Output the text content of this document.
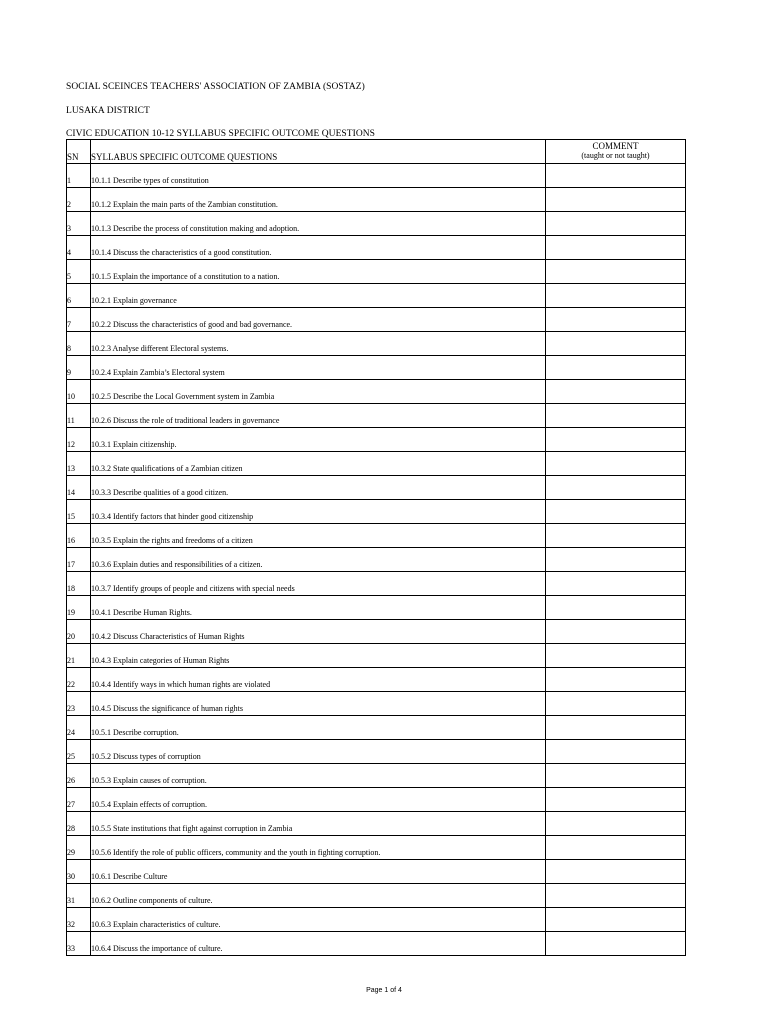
SOCIAL SCEINCES TEACHERS' ASSOCIATION OF ZAMBIA (SOSTAZ)
LUSAKA DISTRICT
CIVIC EDUCATION 10-12 SYLLABUS SPECIFIC OUTCOME QUESTIONS
SN	SYLLABUS SPECIFIC OUTCOME QUESTIONS	COMMENT
(taught or not taught)

1	10.1.1 Describe types of constitution	
2	10.1.2 Explain the main parts of the Zambian constitution.	
3	10.1.3 Describe the process of constitution making and adoption.	
4	10.1.4 Discuss the characteristics of a good constitution.	
5	10.1.5 Explain the importance of a constitution to a nation.	
6	10.2.1 Explain governance	
7	10.2.2 Discuss the characteristics of good and bad governance.	
8	10.2.3 Analyse different Electoral systems.	
9	10.2.4 Explain Zambia’s Electoral system	
10	10.2.5 Describe the Local Government system in Zambia	
11	10.2.6 Discuss the role of traditional leaders in governance	
12	10.3.1 Explain citizenship.	
13	10.3.2 State qualifications of a Zambian citizen	
14	10.3.3 Describe qualities of a good citizen.	
15	10.3.4 Identify factors that hinder good citizenship	
16	10.3.5 Explain the rights and freedoms of a citizen	
17	10.3.6 Explain duties and responsibilities of a citizen.	
18	10.3.7 Identify groups of people and citizens with special needs	
19	10.4.1 Describe Human Rights.	
20	10.4.2 Discuss Characteristics of Human Rights	
21	10.4.3 Explain categories of Human Rights	
22	10.4.4 Identify ways in which human rights are violated	
23	10.4.5 Discuss the significance of human rights	
24	10.5.1 Describe corruption.	
25	10.5.2 Discuss types of corruption	
26	10.5.3 Explain causes of corruption.	
27	10.5.4 Explain effects of corruption.	
28	10.5.5 State institutions that fight against corruption in Zambia	
29	10.5.6 Identify the role of public officers, community and the youth in fighting corruption.	
30	10.6.1 Describe Culture	
31	10.6.2 Outline components of culture.	
32	10.6.3 Explain characteristics of culture.	
33	10.6.4 Discuss the importance of culture.	
Page 1 of 4
